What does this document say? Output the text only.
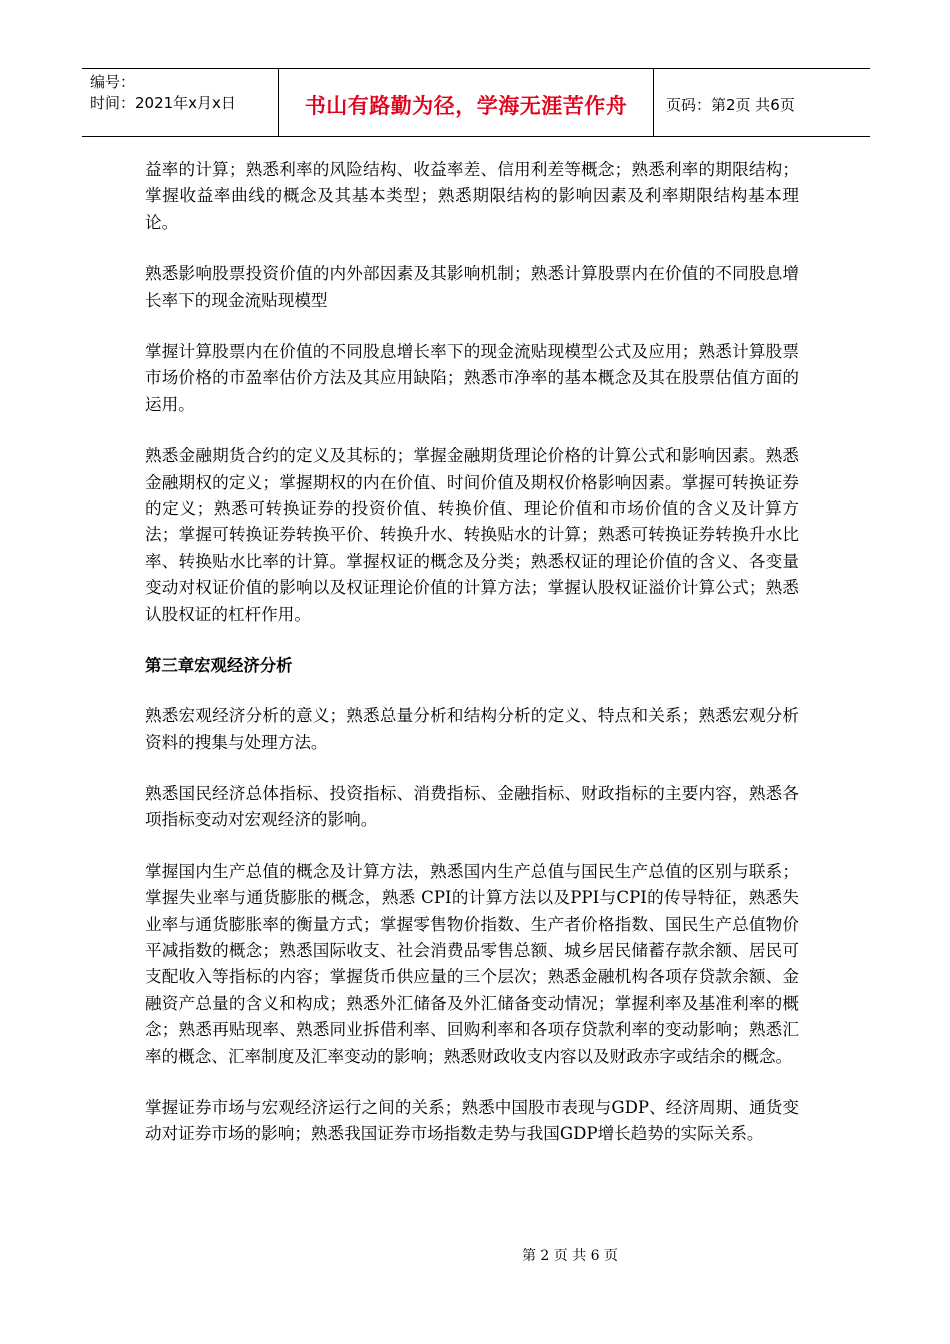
编号：
时间：2021年x月x日	书山有路勤为径，学海无涯苦作舟	页码：第2页 共6页

益率的计算；熟悉利率的风险结构、收益率差、信用利差等概念；熟悉利率的期限结构；掌握收益率曲线的概念及其基本类型；熟悉期限结构的影响因素及利率期限结构基本理论。

熟悉影响股票投资价值的内外部因素及其影响机制；熟悉计算股票内在价值的不同股息增长率下的现金流贴现模型

掌握计算股票内在价值的不同股息增长率下的现金流贴现模型公式及应用；熟悉计算股票市场价格的市盈率估价方法及其应用缺陷；熟悉市净率的基本概念及其在股票估值方面的运用。

熟悉金融期货合约的定义及其标的；掌握金融期货理论价格的计算公式和影响因素。熟悉金融期权的定义；掌握期权的内在价值、时间价值及期权价格影响因素。掌握可转换证券的定义；熟悉可转换证券的投资价值、转换价值、理论价值和市场价值的含义及计算方法；掌握可转换证券转换平价、转换升水、转换贴水的计算；熟悉可转换证券转换升水比率、转换贴水比率的计算。掌握权证的概念及分类；熟悉权证的理论价值的含义、各变量变动对权证价值的影响以及权证理论价值的计算方法；掌握认股权证溢价计算公式；熟悉认股权证的杠杆作用。

第三章宏观经济分析

熟悉宏观经济分析的意义；熟悉总量分析和结构分析的定义、特点和关系；熟悉宏观分析资料的搜集与处理方法。

熟悉国民经济总体指标、投资指标、消费指标、金融指标、财政指标的主要内容，熟悉各项指标变动对宏观经济的影响。

掌握国内生产总值的概念及计算方法，熟悉国内生产总值与国民生产总值的区别与联系；掌握失业率与通货膨胀的概念，熟悉 CPI的计算方法以及PPI与CPI的传导特征，熟悉失业率与通货膨胀率的衡量方式；掌握零售物价指数、生产者价格指数、国民生产总值物价平减指数的概念；熟悉国际收支、社会消费品零售总额、城乡居民储蓄存款余额、居民可支配收入等指标的内容；掌握货币供应量的三个层次；熟悉金融机构各项存贷款余额、金融资产总量的含义和构成；熟悉外汇储备及外汇储备变动情况；掌握利率及基准利率的概念；熟悉再贴现率、熟悉同业拆借利率、回购利率和各项存贷款利率的变动影响；熟悉汇率的概念、汇率制度及汇率变动的影响；熟悉财政收支内容以及财政赤字或结余的概念。

掌握证券市场与宏观经济运行之间的关系；熟悉中国股市表现与GDP、经济周期、通货变动对证券市场的影响；熟悉我国证券市场指数走势与我国GDP增长趋势的实际关系。

第 2 页 共 6 页
